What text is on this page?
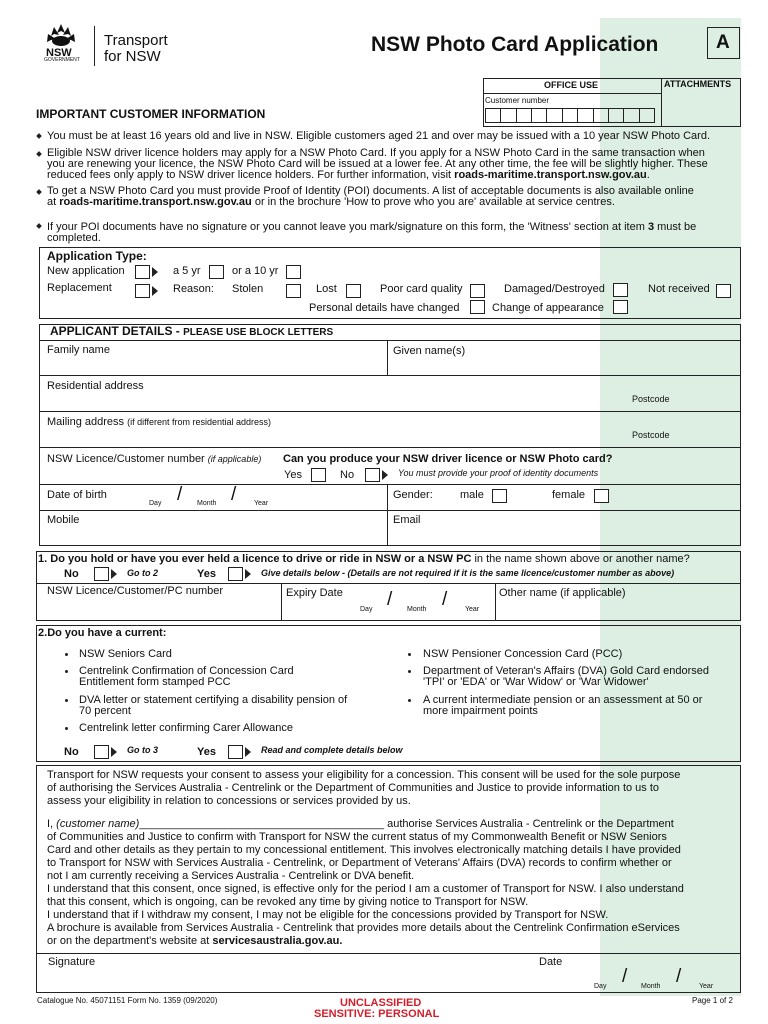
NSW
GOVERNMENT
Transport
for NSW
NSW Photo Card Application	A
OFFICE USE	ATTACHMENTS
Customer number
IMPORTANT CUSTOMER INFORMATION
You must be at least 16 years old and live in NSW. Eligible customers aged 21 and over may be issued with a 10 year NSW Photo Card.
Eligible NSW driver licence holders may apply for a NSW Photo Card. If you apply for a NSW Photo Card in the same transaction when
you are renewing your licence, the NSW Photo Card will be issued at a lower fee. At any other time, the fee will be slightly higher. These
reduced fees only apply to NSW driver licence holders. For further information, visit roads-maritime.transport.nsw.gov.au.
To get a NSW Photo Card you must provide Proof of Identity (POI) documents. A list of acceptable documents is also available online
at roads-maritime.transport.nsw.gov.au or in the brochure 'How to prove who you are' available at service centres.
If your POI documents have no signature or you cannot leave you mark/signature on this form, the 'Witness' section at item 3 must be
completed.
Application Type:
New application	a 5 yr	or a 10 yr
Replacement	Reason: Stolen	Lost	Poor card quality	Damaged/Destroyed	Not received
Personal details have changed	Change of appearance
APPLICANT DETAILS - PLEASE USE BLOCK LETTERS
Family name	Given name(s)
Residential address
Postcode
Mailing address (if different from residential address)
Postcode
NSW Licence/Customer number (if applicable) Can you produce your NSW driver licence or NSW Photo card?
Yes	No	You must provide your proof of identity documents
Date of birth	/	/
Day	Month	Year
Gender: male	female
Mobile	Email
1. Do you hold or have you ever held a licence to drive or ride in NSW or a NSW PC in the name shown above or another name?
No	Go to 2	Yes	Give details below - (Details are not required if it is the same licence/customer number as above)
NSW Licence/Customer/PC number	Expiry Date /	/
Day	Month	Year
Other name (if applicable)
2.Do you have a current:
NSW Seniors Card
Centrelink Confirmation of Concession Card
Entitlement form stamped PCC
DVA letter or statement certifying a disability pension of
70 percent
Centrelink letter confirming Carer Allowance
NSW Pensioner Concession Card (PCC)
Department of Veteran's Affairs (DVA) Gold Card endorsed
'TPI' or 'EDA' or 'War Widow' or 'War Widower'
A current intermediate pension or an assessment at 50 or
more impairment points
No	Go to 3	Yes	Read and complete details below
Transport for NSW requests your consent to assess your eligibility for a concession. This consent will be used for the sole purpose
of authorising the Services Australia - Centrelink or the Department of Communities and Justice to provide information to us to
assess your eligibility in relation to concessions or services provided by us.
I, (customer name)________________________________________ authorise Services Australia - Centrelink or the Department
of Communities and Justice to confirm with Transport for NSW the current status of my Commonwealth Benefit or NSW Seniors
Card and other details as they pertain to my concessional entitlement. This involves electronically matching details I have provided
to Transport for NSW with Services Australia - Centrelink, or Department of Veterans' Affairs (DVA) records to confirm whether or
not I am currently receiving a Services Australia - Centrelink or DVA benefit.
I understand that this consent, once signed, is effective only for the period I am a customer of Transport for NSW. I also understand
that this consent, which is ongoing, can be revoked any time by giving notice to Transport for NSW.
I understand that if I withdraw my consent, I may not be eligible for the concessions provided by Transport for NSW.
A brochure is available from Services Australia - Centrelink that provides more details about the Centrelink Confirmation eServices
or on the department's website at servicesaustralia.gov.au.
Signature	Date
/	/
Day	Month	Year
Catalogue No. 45071151 Form No. 1359 (09/2020)	UNCLASSIFIED
SENSITIVE: PERSONAL
Page 1 of 2
